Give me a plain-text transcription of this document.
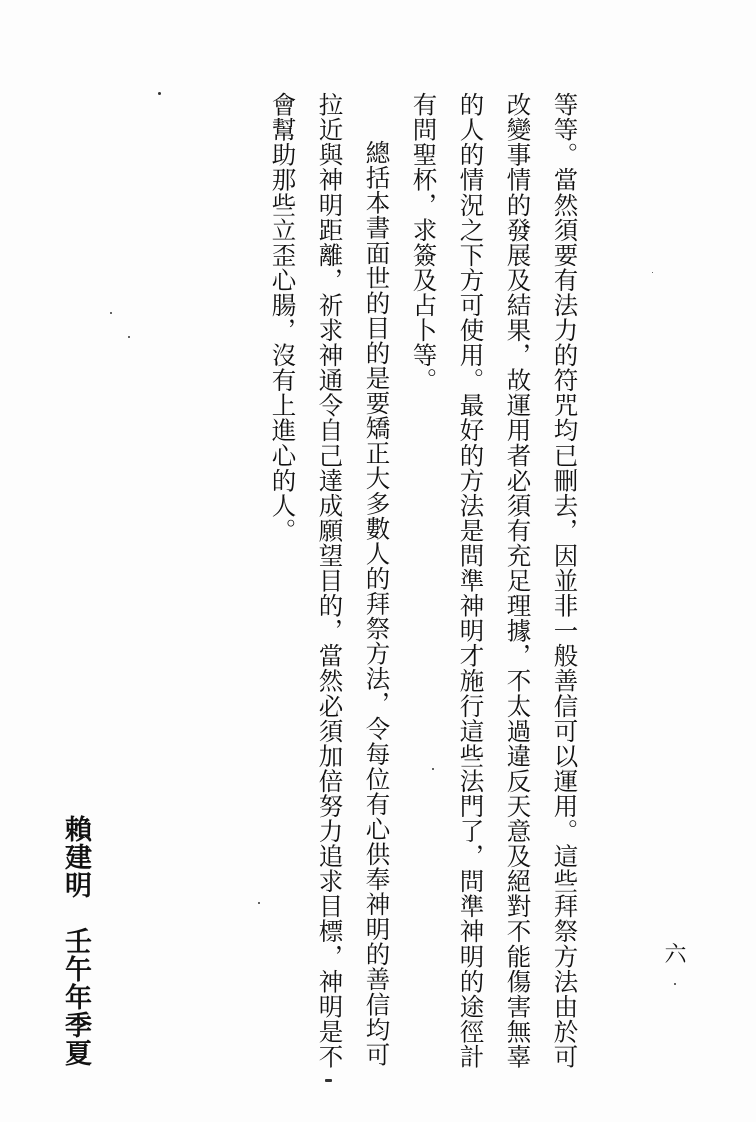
等等。當然須要有法力的符咒均已刪去，因並非一般善信可以運用。這些拜祭方法由於可
改變事情的發展及結果，故運用者必須有充足理據，不太過違反天意及絕對不能傷害無辜
的人的情況之下方可使用。最好的方法是問準神明才施行這些法門了，問準神明的途徑計
有問聖杯，求簽及占卜等。
總括本書面世的目的是要矯正大多數人的拜祭方法，令每位有心供奉神明的善信均可
拉近與神明距離，祈求神通令自己達成願望目的，當然必須加倍努力追求目標，神明是不
會幫助那些立歪心腸，沒有上進心的人。
六
賴建明　壬午年季夏
